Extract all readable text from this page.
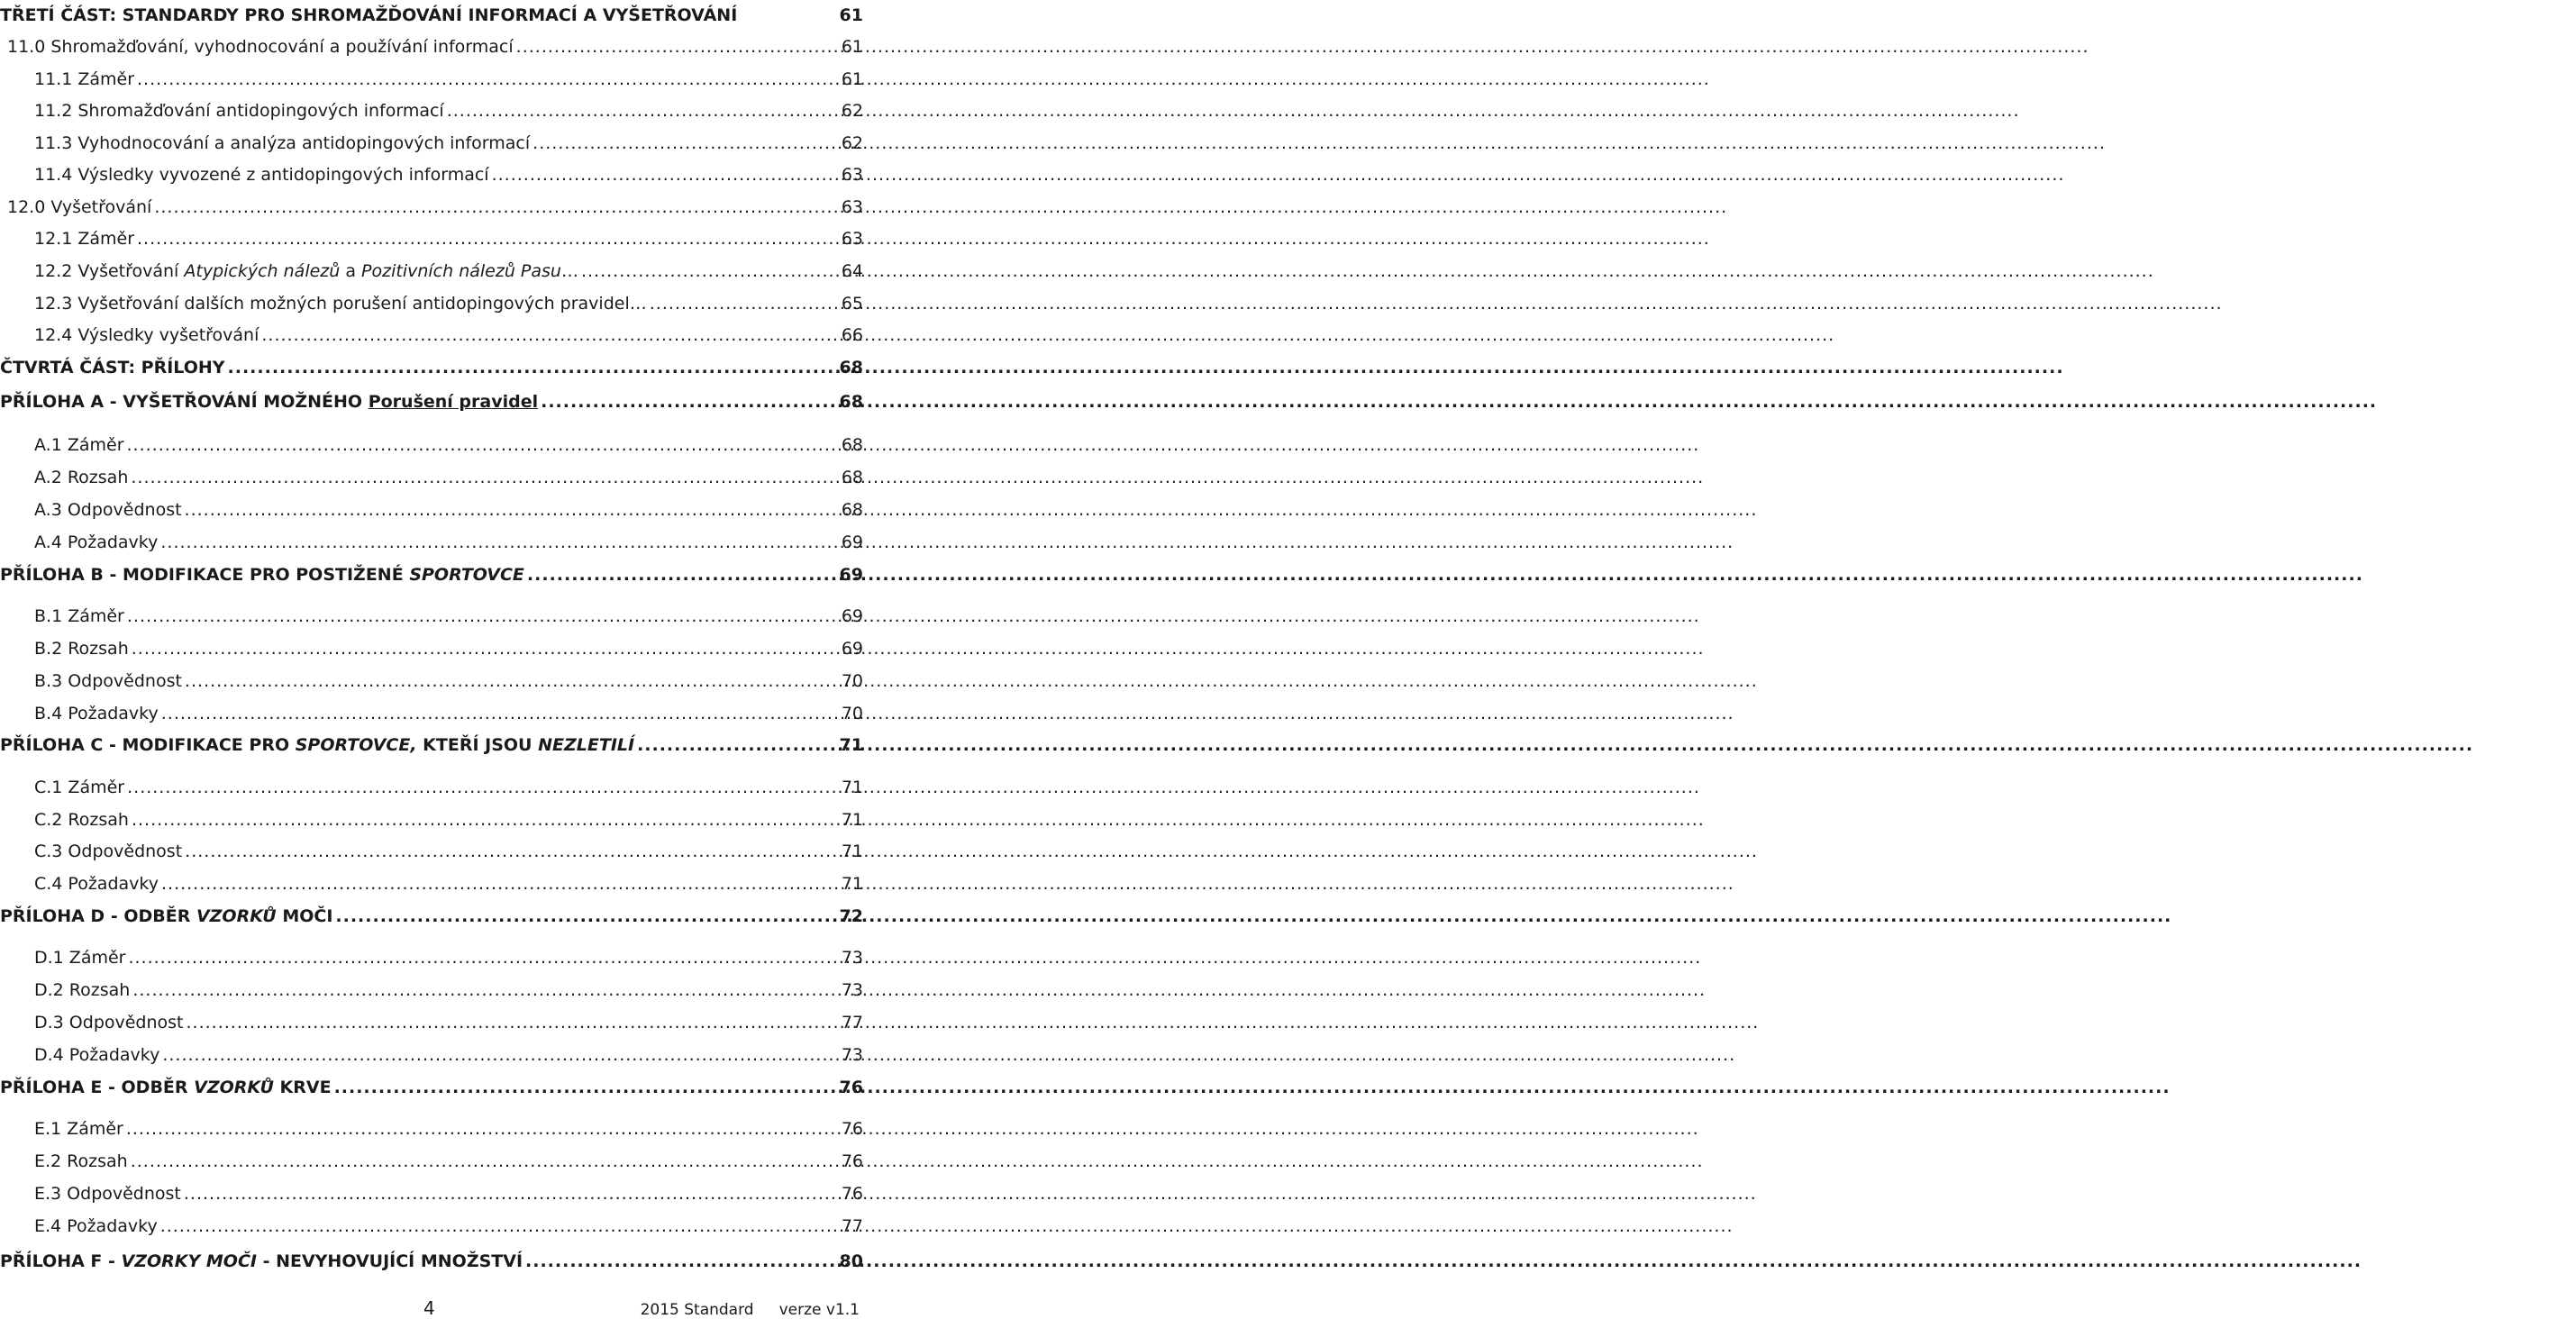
TŘETÍ ČÁST: STANDARDY PRO SHROMAŽĎOVÁNÍ INFORMACÍ A VYŠETŘOVÁNÍ	61
11.0 Shromažďování, vyhodnocování a používání informací .....	61
11.1 Záměr .....	61
11.2 Shromažďování antidopingových informací .....	62
11.3 Vyhodnocování a analýza antidopingových informací .....	62
11.4 Výsledky vyvozené z antidopingových informací .....	63
12.0 Vyšetřování .....	63
12.1 Záměr .....	63
12.2 Vyšetřování Atypických nálezů a Pozitivních nálezů Pasu… .....	64
12.3 Vyšetřování dalších možných porušení antidopingových pravidel… .....	65
12.4 Výsledky vyšetřování .....	66
ČTVRTÁ ČÁST: PŘÍLOHY .....	68
PŘÍLOHA A - VYŠETŘOVÁNÍ MOŽNÉHO Porušení pravidel .....	68
A.1 Záměr .....	68
A.2 Rozsah .....	68
A.3 Odpovědnost .....	68
A.4 Požadavky .....	69
PŘÍLOHA B - MODIFIKACE PRO POSTIŽENÉ SPORTOVCE .....	69
B.1 Záměr .....	69
B.2 Rozsah .....	69
B.3 Odpovědnost .....	70
B.4 Požadavky .....	70
PŘÍLOHA C - MODIFIKACE PRO SPORTOVCE, KTEŘÍ JSOU NEZLETILÍ .....	71
C.1 Záměr .....	71
C.2 Rozsah .....	71
C.3 Odpovědnost .....	71
C.4 Požadavky .....	71
PŘÍLOHA D - ODBĚR VZORKŮ MOČI .....	72
D.1 Záměr .....	73
D.2 Rozsah .....	73
D.3 Odpovědnost .....	77
D.4 Požadavky .....	73
PŘÍLOHA E - ODBĚR VZORKŮ KRVE .....	76
E.1 Záměr .....	76
E.2 Rozsah .....	76
E.3 Odpovědnost .....	76
E.4 Požadavky .....	77
PŘÍLOHA F - VZORKY MOČI - NEVYHOVUJÍCÍ MNOŽSTVÍ .....	80
4	2015 Standard verze v1.1
